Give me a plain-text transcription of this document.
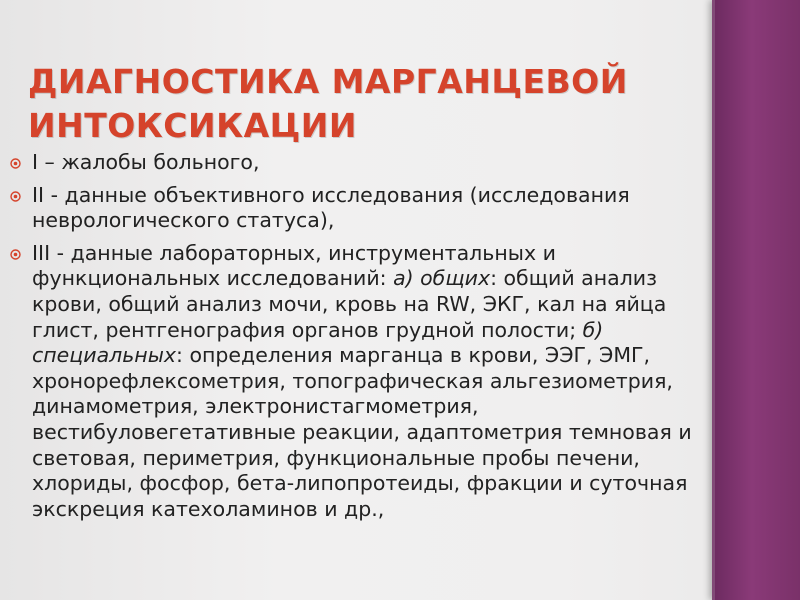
ДИАГНОСТИКА МАРГАНЦЕВОЙ
ИНТОКСИКАЦИИ
I – жалобы больного,
II - данные объективного исследования (исследования неврологического статуса),
III - данные лабораторных, инструментальных и функциональных исследований: а) общих: общий анализ крови, общий анализ мочи, кровь на RW, ЭКГ, кал на яйца глист, рентгенография органов грудной полости; б) специальных: определения марганца в крови, ЭЭГ, ЭМГ, хронорефлексометрия, топографическая альгезиометрия, динамометрия, электронистагмометрия, вестибуловегетативные реакции, адаптометрия темновая и световая, периметрия, функциональные пробы печени, хлориды, фосфор, бета-липопротеиды, фракции и суточная экскреция катехоламинов и др.,
